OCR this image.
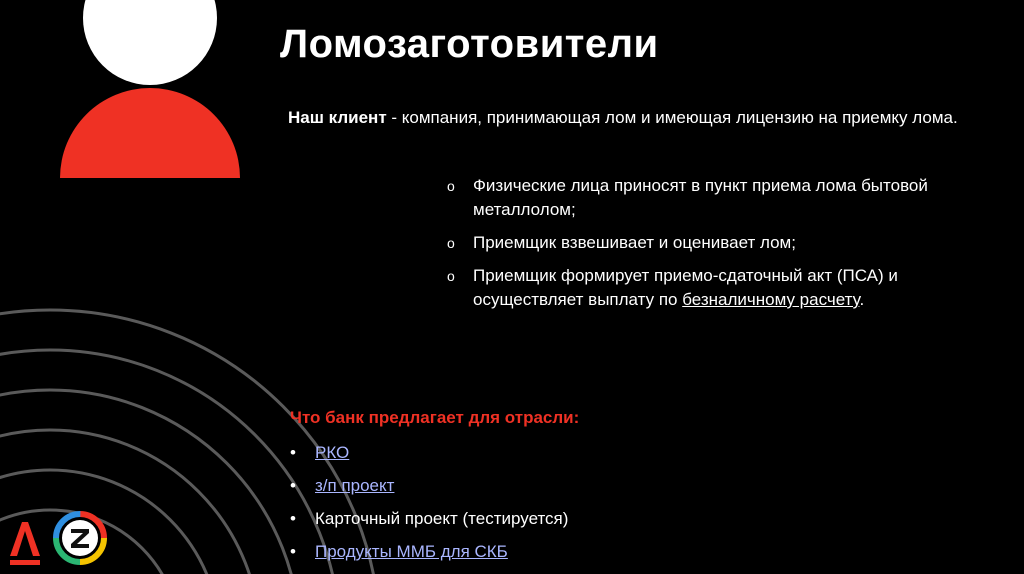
Ломозаготовители
Наш клиент - компания, принимающая лом и имеющая лицензию на приемку лома.
o Физические лица приносят в пункт приема лома бытовой металлолом;
o Приемщик взвешивает и оценивает лом;
o Приемщик формирует приемо-сдаточный акт (ПСА) и осуществляет выплату по безналичному расчету.
Что банк предлагает для отрасли:
• РКО
• з/п проект
• Карточный проект (тестируется)
• Продукты ММБ для СКБ
